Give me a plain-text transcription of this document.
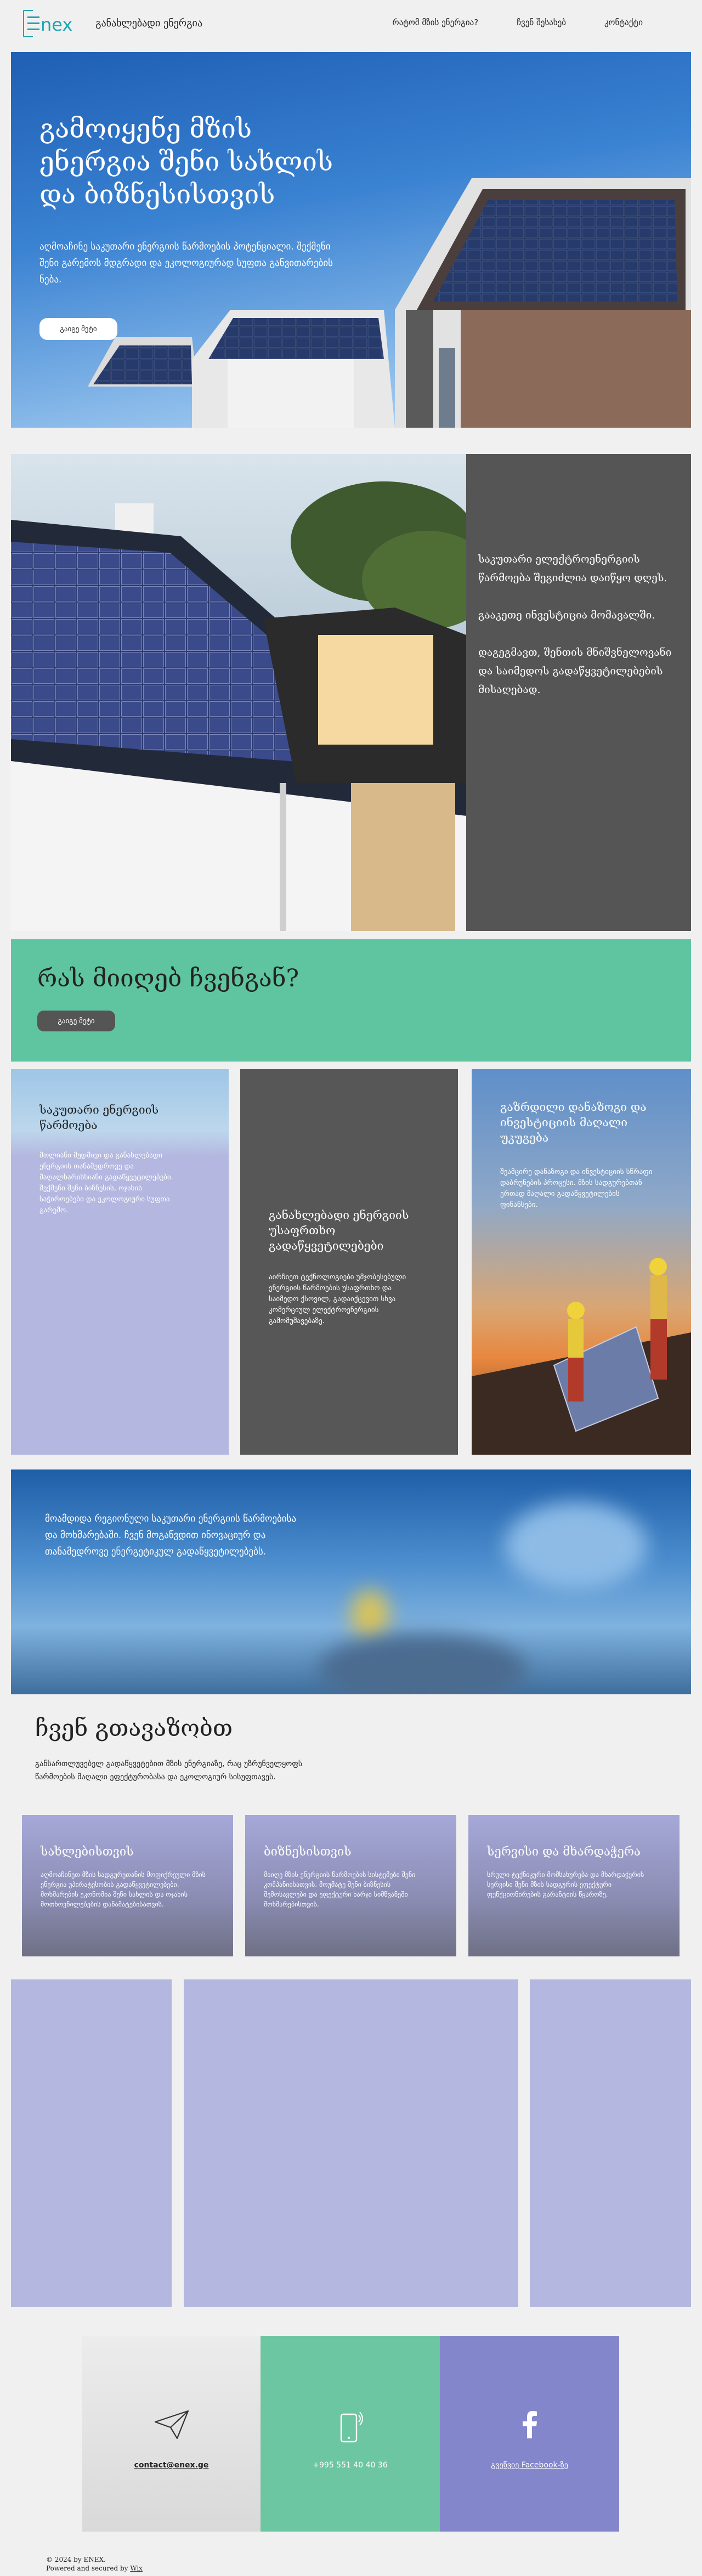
nex განახლებადი ენერგია	რატომ მზის ენერგია?	ჩვენ შესახებ	კონტაქტი
გამოიყენე მზის ენერგია შენი სახლის და ბიზნესისთვის

აღმოაჩინე საკუთარი ენერგიის წარმოების პოტენციალი. შექმენი შენი გარემოს მდგრადი და ეკოლოგიურად სუფთა განვითარების ნება.

გაიგე მეტი

საკუთარი ელექტროენერგიის წარმოება შეგიძლია დაიწყო დღეს.

გააკეთე ინვესტიცია მომავალში.

დაგეგმავთ, შენთის მნიშვნელოვანი და საიმედოს გადაწყვეტილებების მისაღებად.

რას მიიღებ ჩვენგან?
გაიგე მეტი
საკუთარი ენერგიის წარმოება

მთლიანი მუდმივი და განახლებადი ენერგიის თანამედროვე და მაღალხარისხიანი გადაწყვეტილებები. შექმენი შენი ბიზნესის, ოჯახის საჭიროებები და ეკოლოგიური სუფთა გარემო.	განახლებადი ენერგიის უსაფრთხო გადაწყვეტილებები

აირჩიეთ ტექნოლოგიები უმჯობესებული ენერგიის წარმოების უსაფრთხო და საიმედო ქსოვილ, გადაიქცევით სხვა კომერციულ ელექტროენერგიის გამომუშავებაზე.

გაზრდილი დანაზოგი და ინვესტიციის მაღალი უკუგება

შეამცირე დანაზოგი და ინვესტიციის სწრაფი დაბრუნების პროცესი. მზის სადგურებთან ერთად მაღალი გადაწყვეტილების ფინანსები.

მოამდიდა რეგიონული საკუთარი ენერგიის წარმოებისა და მოხმარებაში. ჩვენ მოგაწვდით ინოვაციურ და თანამედროვე ენერგეტიკულ გადაწყვეტილებებს.

ჩვენ გთავაზობთ

განსართლუვებელ გადაწყვეტებით მზის ენერგიაზე, რაც უზრუნველყოფს წარმოების მაღალი ეფექტურობასა და ეკოლოგიურ სისუფთავეს.

სახლებისთვის

აღმოაჩინეთ მზის სადგურეთანის მოფიქრეული მზის ენერგია უპირატესობის გადაწყვეტილებები. მოხმარების ეკონომია შენი სახლის და ოჯახის მოთხოვნილებების დანამატებისათვის.

ბიზნესისთვის

მიიღე მზის ენერგიის წარმოების სისტემები შენი კომპანიისათვის. მოუმატე შენი ბიზნესის შემოსავლები და ეფექტური ხარჯი სიმწვანეში მოხმარებისთვის.

სერვისი და მხარდაჭერა

სრული ტექნიკური მომსახურება და მხარდაჭერის სერვისი შენი მზის სადგურის ეფექტური ფუნქციონირების გარანტიის წყაროზე.

contact@enex.ge	+995 551 40 40 36	გვეწვიე Facebook-ზე
© 2024 by ENEX.
Powered and secured by Wix
